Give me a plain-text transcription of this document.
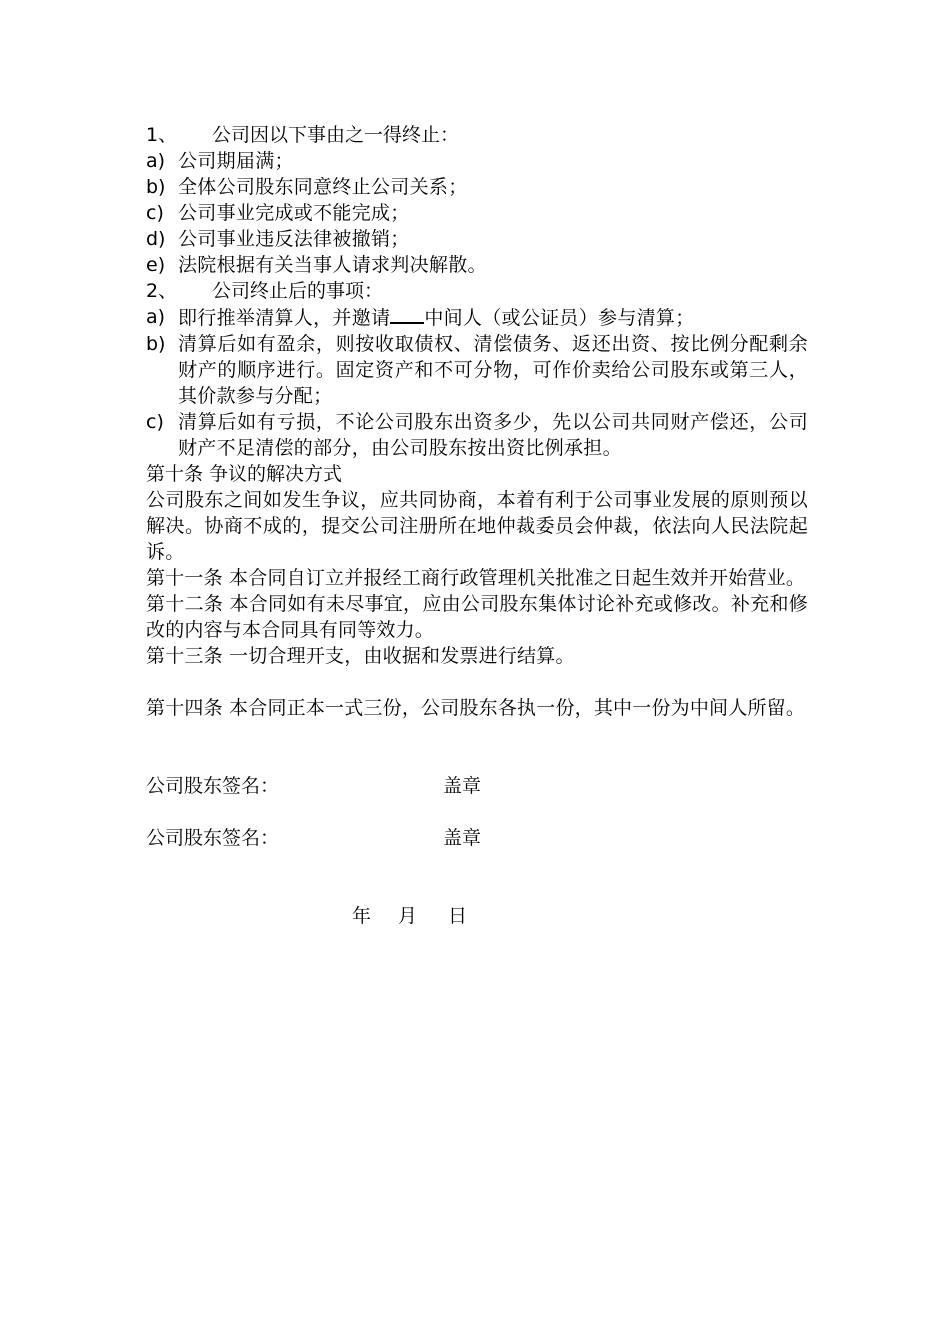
1、	公司因以下事由之一得终止：
a) 公司期届满；
b) 全体公司股东同意终止公司关系；
c) 公司事业完成或不能完成；
d) 公司事业违反法律被撤销；
e) 法院根据有关当事人请求判决解散。
2、	公司终止后的事项：
a) 即行推举清算人，并邀请 中间人（或公证员）参与清算；
b) 清算后如有盈余，则按收取债权、清偿债务、返还出资、按比例分配剩余财产的顺序进行。固定资产和不可分物，可作价卖给公司股东或第三人，其价款参与分配；
c) 清算后如有亏损，不论公司股东出资多少，先以公司共同财产偿还，公司财产不足清偿的部分，由公司股东按出资比例承担。
第十条 争议的解决方式
公司股东之间如发生争议，应共同协商，本着有利于公司事业发展的原则预以解决。协商不成的，提交公司注册所在地仲裁委员会仲裁，依法向人民法院起诉。
第十一条 本合同自订立并报经工商行政管理机关批准之日起生效并开始营业。
第十二条 本合同如有未尽事宜，应由公司股东集体讨论补充或修改。补充和修改的内容与本合同具有同等效力。
第十三条 一切合理开支，由收据和发票进行结算。
第十四条 本合同正本一式三份，公司股东各执一份，其中一份为中间人所留。
公司股东签名：	盖章
公司股东签名：	盖章
年 月 日
